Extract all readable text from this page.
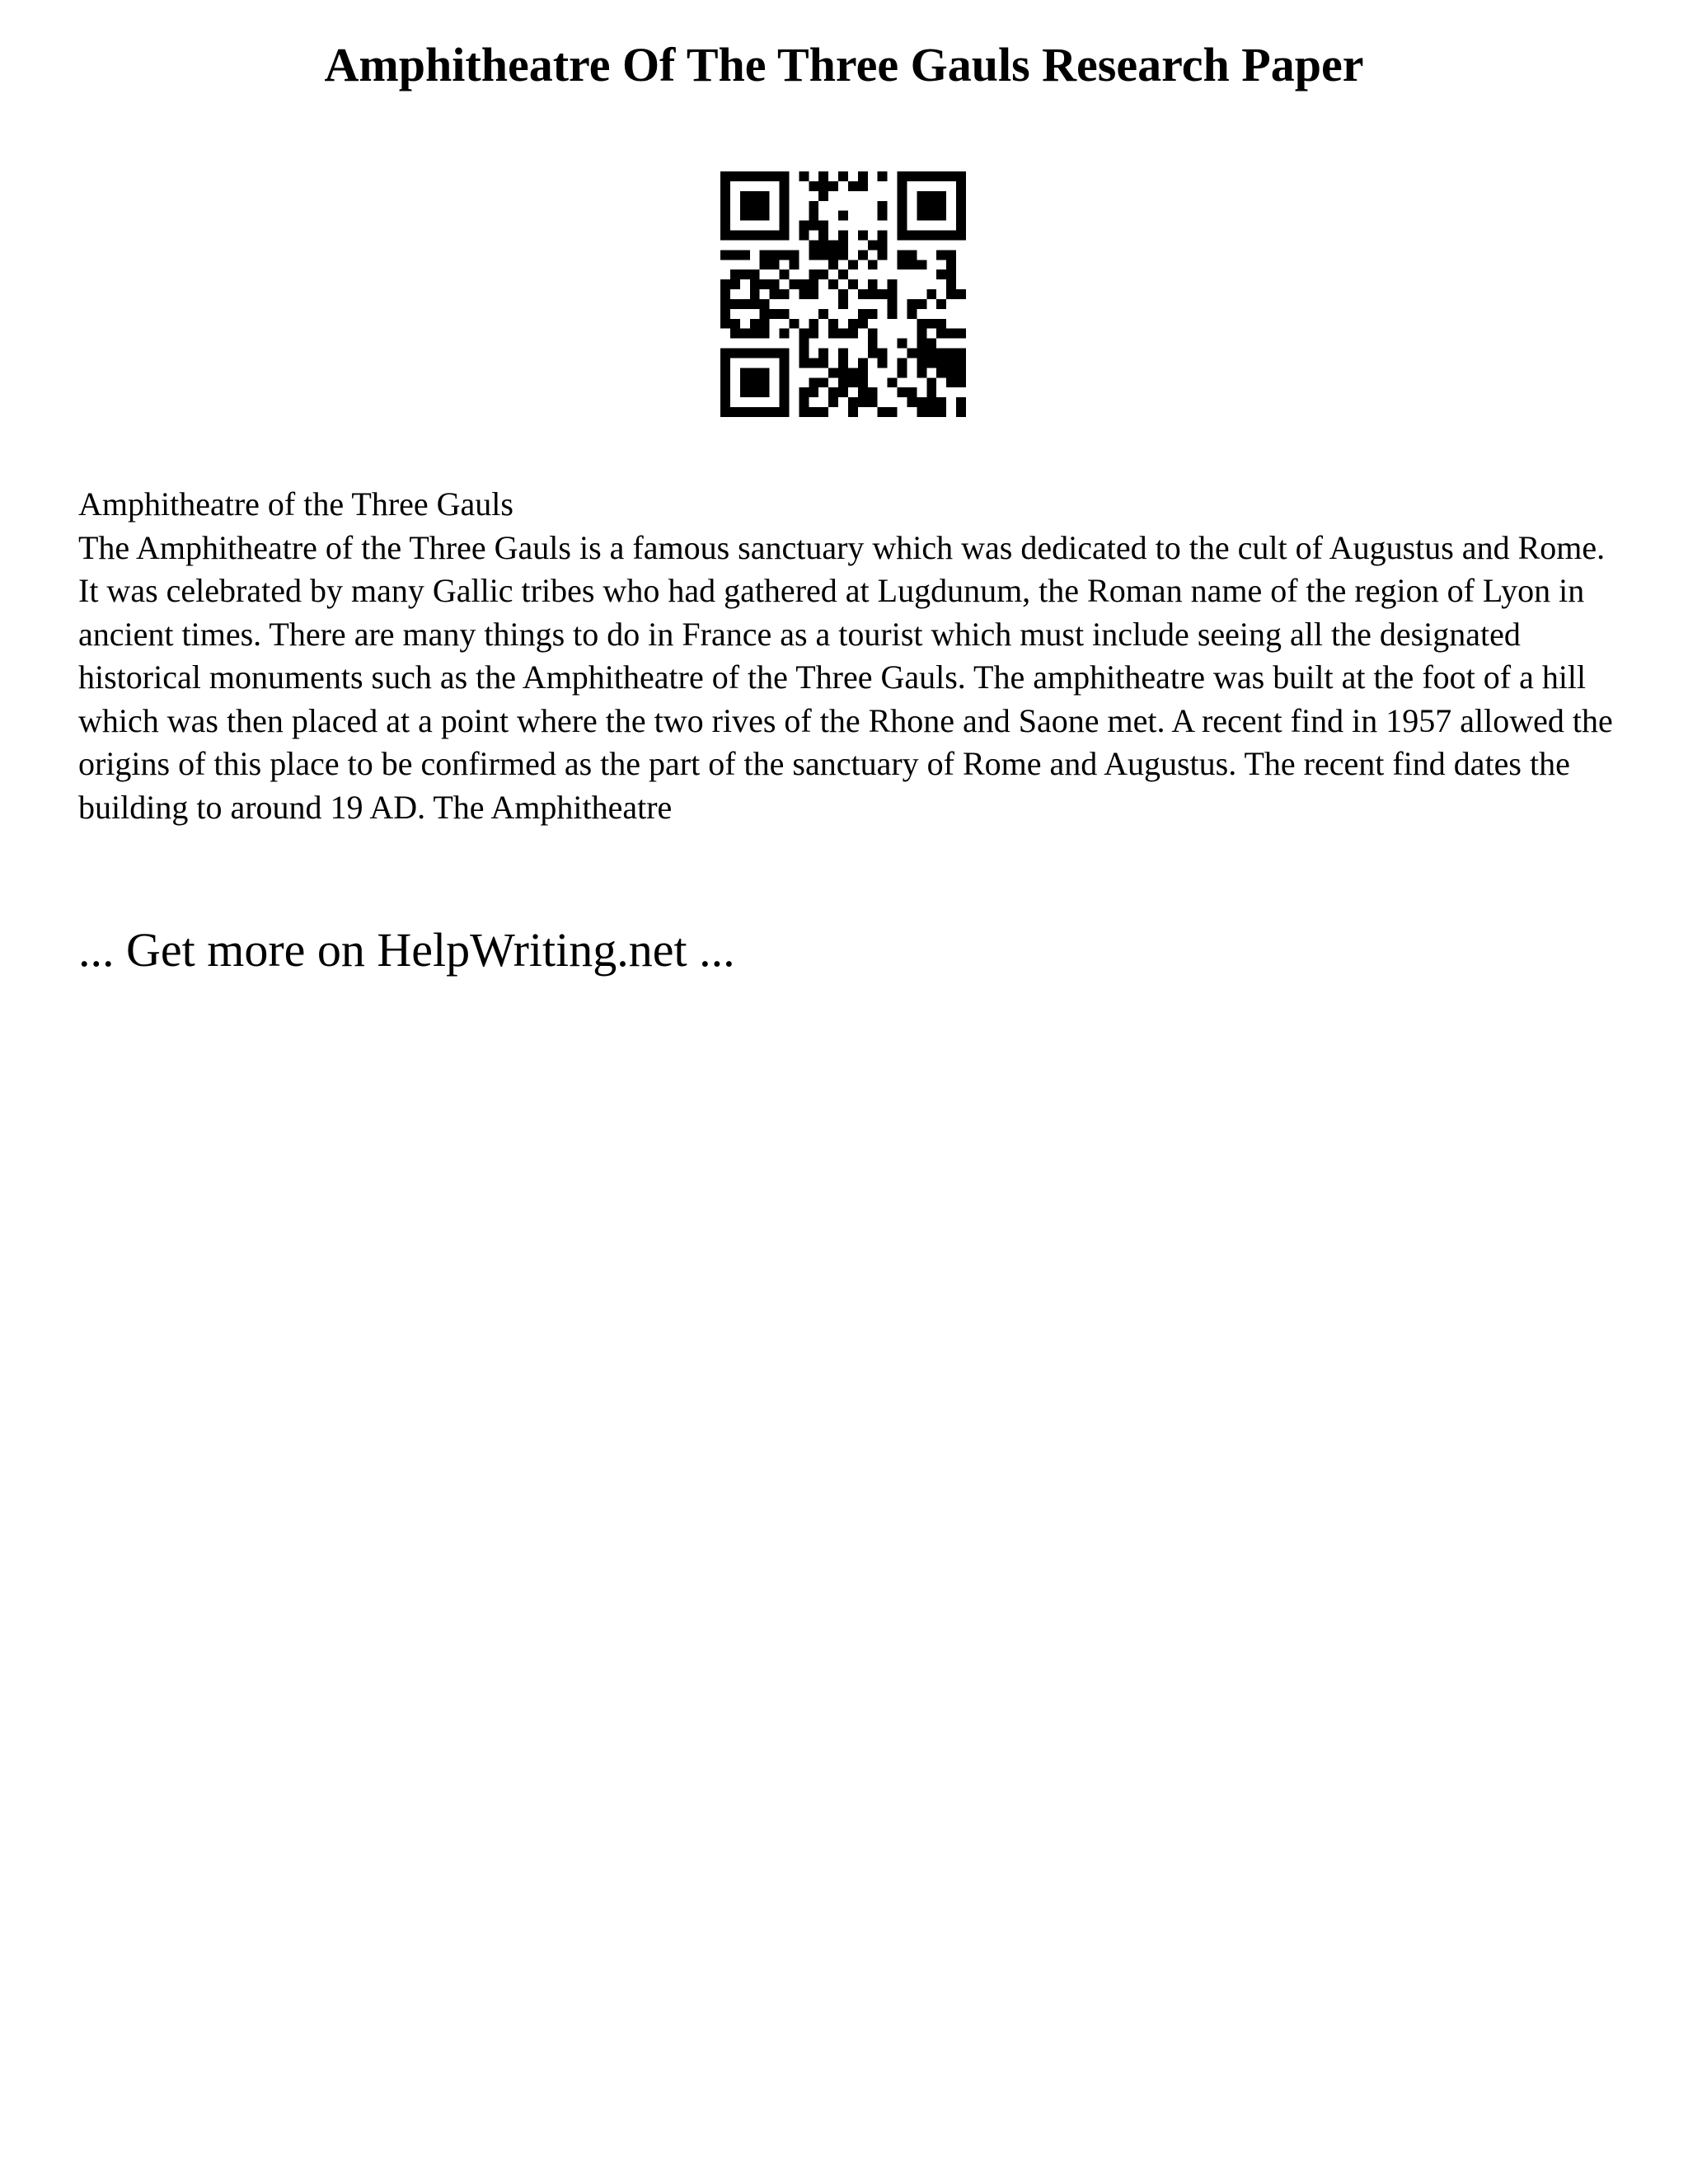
Amphitheatre Of The Three Gauls Research Paper

Amphitheatre of the Three Gauls

The Amphitheatre of the Three Gauls is a famous sanctuary which was dedicated to the cult of Augustus and Rome. It was celebrated by many Gallic tribes who had gathered at Lugdunum, the Roman name of the region of Lyon in ancient times. There are many things to do in France as a tourist which must include seeing all the designated historical monuments such as the Amphitheatre of the Three Gauls. The amphitheatre was built at the foot of a hill which was then placed at a point where the two rives of the Rhone and Saone met. A recent find in 1957 allowed the origins of this place to be confirmed as the part of the sanctuary of Rome and Augustus. The recent find dates the building to around 19 AD. The Amphitheatre

... Get more on HelpWriting.net ...
